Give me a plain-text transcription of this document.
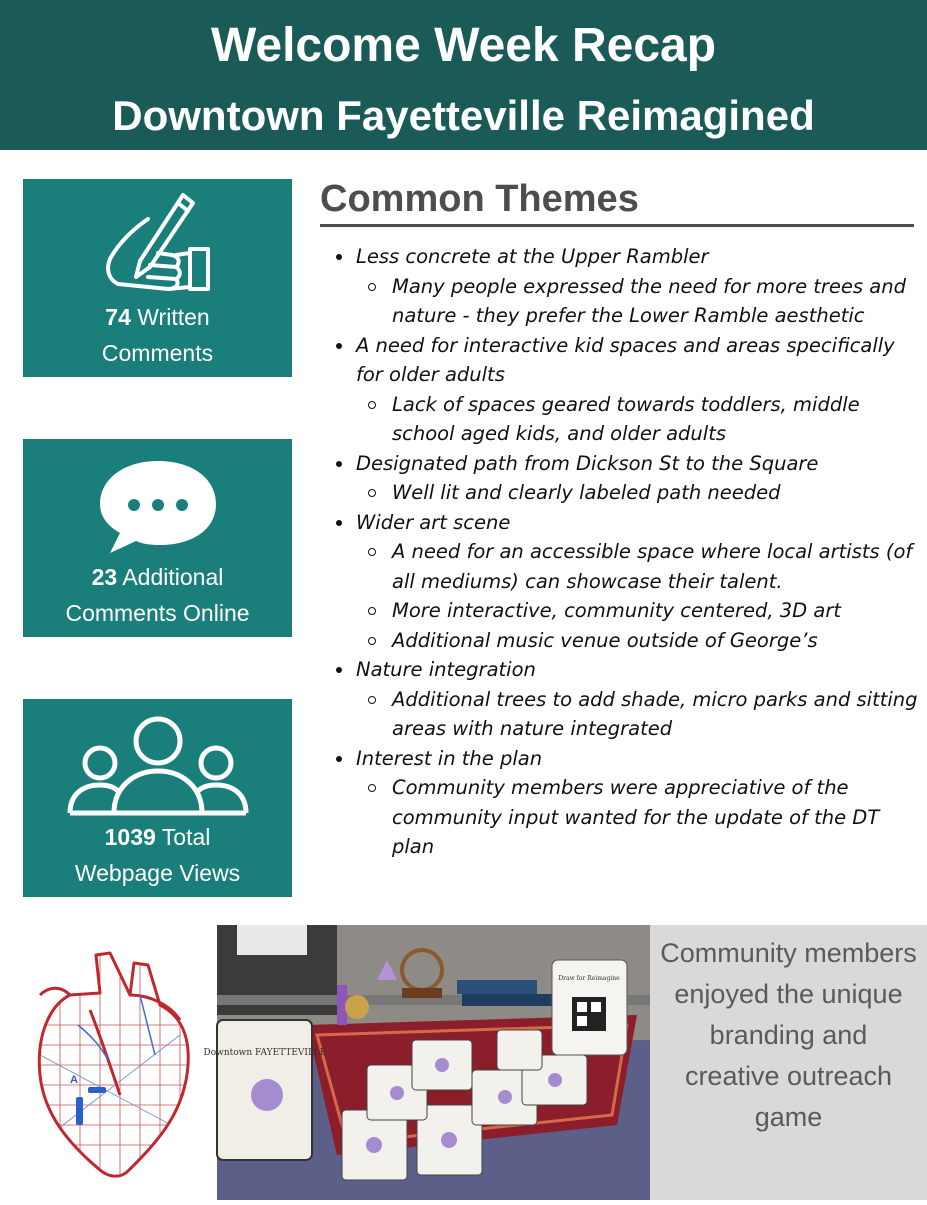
Welcome Week Recap
Downtown Fayetteville Reimagined
74 Written
Comments
23 Additional
Comments Online
1039 Total
Webpage Views
Common Themes
Less concrete at the Upper Rambler
Many people expressed the need for more trees and nature - they prefer the Lower Ramble aesthetic
A need for interactive kid spaces and areas specifically for older adults
Lack of spaces geared towards toddlers, middle school aged kids, and older adults
Designated path from Dickson St to the Square
Well lit and clearly labeled path needed
Wider art scene
A need for an accessible space where local artists (of all mediums) can showcase their talent.
More interactive, community centered, 3D art
Additional music venue outside of George’s
Nature integration
Additional trees to add shade, micro parks and sitting areas with nature integrated
Interest in the plan
Community members were appreciative of the community input wanted for the update of the DT plan
A
Downtown FAYETTEVILLE
Draw for Reimagine
Community members enjoyed the unique branding and creative outreach game
